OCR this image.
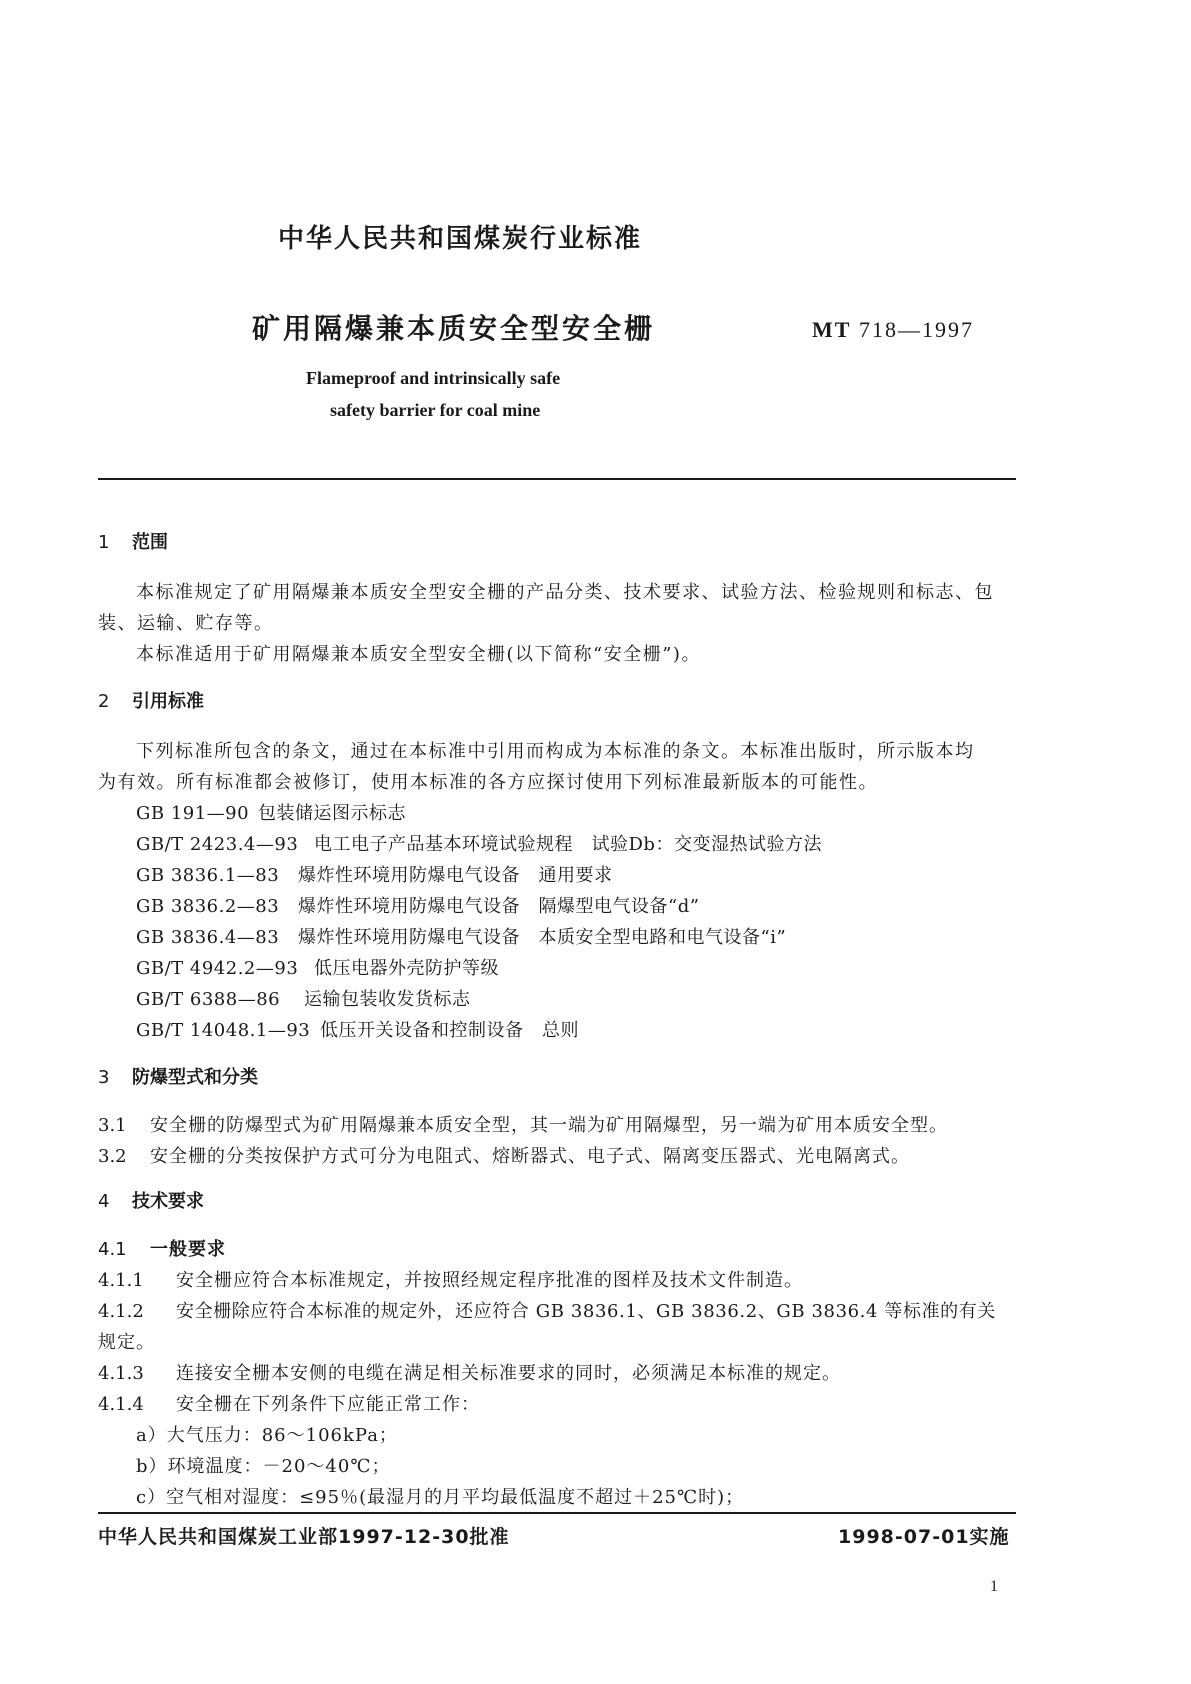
中华人民共和国煤炭行业标准
矿用隔爆兼本质安全型安全栅	MT 718—1997
Flameproof and intrinsically safe
safety barrier for coal mine
1 范围
本标准规定了矿用隔爆兼本质安全型安全栅的产品分类、技术要求、试验方法、检验规则和标志、包
装、运输、贮存等。
本标准适用于矿用隔爆兼本质安全型安全栅(以下简称“安全栅”)。
2 引用标准
下列标准所包含的条文，通过在本标准中引用而构成为本标准的条文。本标准出版时，所示版本均
为有效。所有标准都会被修订，使用本标准的各方应探讨使用下列标准最新版本的可能性。
GB 191—90 包装储运图示标志
GB/T 2423.4—93 电工电子产品基本环境试验规程　试验Db：交变湿热试验方法
GB 3836.1—83 爆炸性环境用防爆电气设备　通用要求
GB 3836.2—83 爆炸性环境用防爆电气设备　隔爆型电气设备“d”
GB 3836.4—83 爆炸性环境用防爆电气设备　本质安全型电路和电气设备“i”
GB/T 4942.2—93 低压电器外壳防护等级
GB/T 6388—86 运输包装收发货标志
GB/T 14048.1—93 低压开关设备和控制设备　总则
3 防爆型式和分类
3.1 安全栅的防爆型式为矿用隔爆兼本质安全型，其一端为矿用隔爆型，另一端为矿用本质安全型。
3.2 安全栅的分类按保护方式可分为电阻式、熔断器式、电子式、隔离变压器式、光电隔离式。
4 技术要求
4.1 一般要求
4.1.1 安全栅应符合本标准规定，并按照经规定程序批准的图样及技术文件制造。
4.1.2 安全栅除应符合本标准的规定外，还应符合 GB 3836.1、GB 3836.2、GB 3836.4 等标准的有关
规定。
4.1.3 连接安全栅本安侧的电缆在满足相关标准要求的同时，必须满足本标准的规定。
4.1.4 安全栅在下列条件下应能正常工作：
a）大气压力：86～106kPa；
b）环境温度：－20～40℃；
c）空气相对湿度：≤95％(最湿月的月平均最低温度不超过＋25℃时)；
中华人民共和国煤炭工业部1997-12-30批准	1998-07-01实施
1
